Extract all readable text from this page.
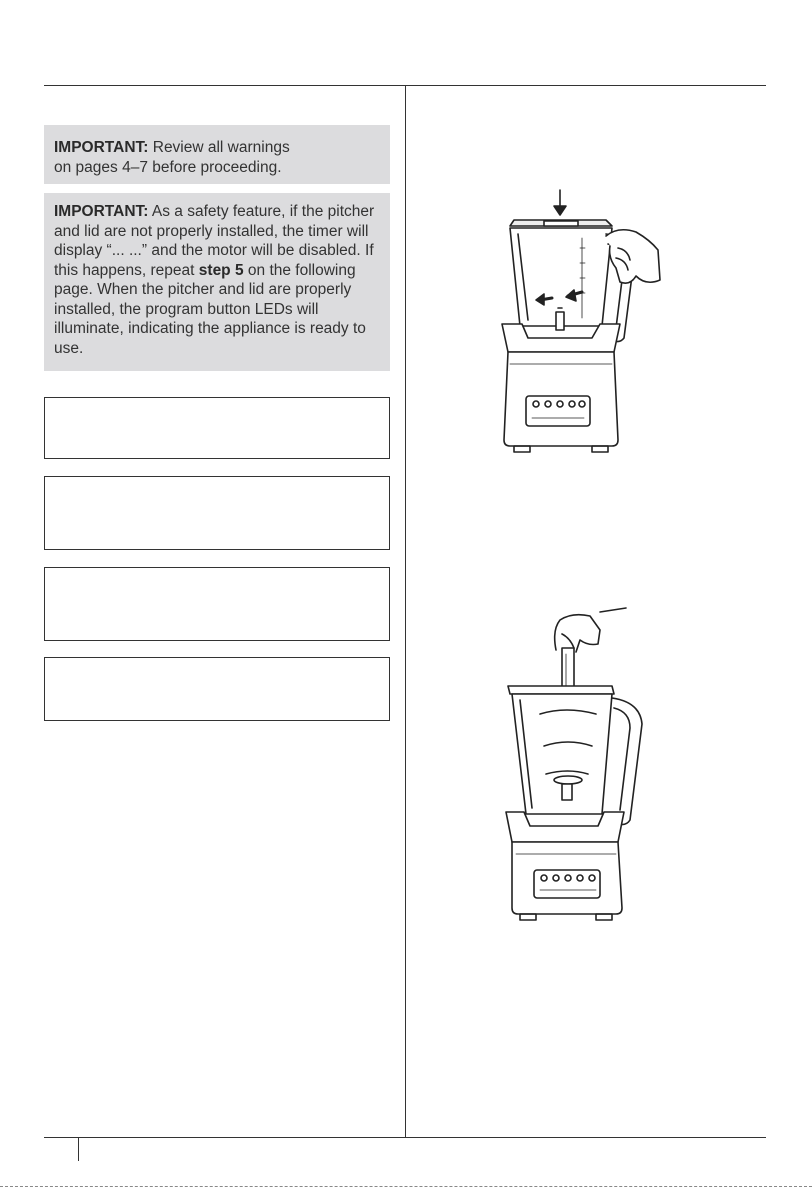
IMPORTANT: Review all warnings
on pages 4–7 before proceeding.
IMPORTANT: As a safety feature, if the pitcher and lid are not properly installed, the timer will display “... ...” and the motor will be disabled. If this happens, repeat step 5 on the following page. When the pitcher and lid are properly installed, the program button LEDs will illuminate, indicating the appliance is ready to use.
